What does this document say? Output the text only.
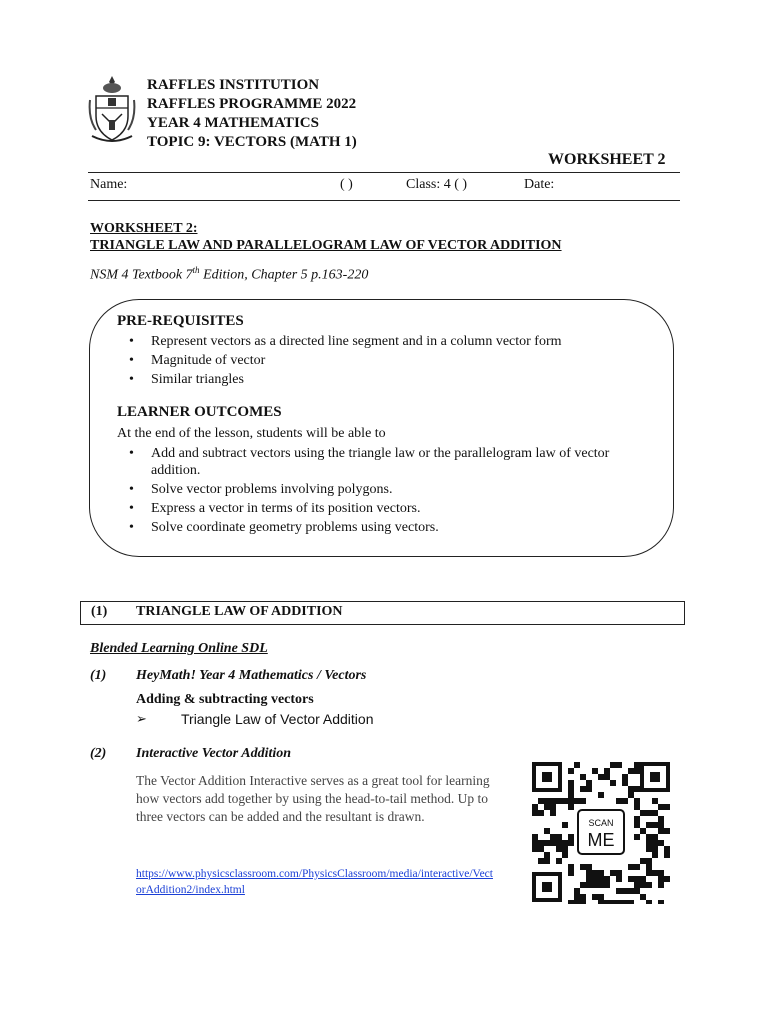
RAFFLES INSTITUTION
RAFFLES PROGRAMME 2022
YEAR 4 MATHEMATICS
TOPIC 9: VECTORS (MATH 1)
WORKSHEET 2
Name:	( )	Class: 4 ( )	Date:
WORKSHEET 2:
TRIANGLE LAW AND PARALLELOGRAM LAW OF VECTOR ADDITION
NSM 4 Textbook 7th Edition, Chapter 5 p.163-220
PRE-REQUISITES
• Represent vectors as a directed line segment and in a column vector form
• Magnitude of vector
• Similar triangles
LEARNER OUTCOMES
At the end of the lesson, students will be able to
• Add and subtract vectors using the triangle law or the parallelogram law of vector addition.
• Solve vector problems involving polygons.
• Express a vector in terms of its position vectors.
• Solve coordinate geometry problems using vectors.
(1) TRIANGLE LAW OF ADDITION
Blended Learning Online SDL
(1) HeyMath! Year 4 Mathematics / Vectors
Adding & subtracting vectors
➢ Triangle Law of Vector Addition
(2) Interactive Vector Addition
The Vector Addition Interactive serves as a great tool for learning how vectors add together by using the head-to-tail method. Up to three vectors can be added and the resultant is drawn.
https://www.physicsclassroom.com/PhysicsClassroom/media/interactive/VectorAddition2/index.html
SCAN
ME
